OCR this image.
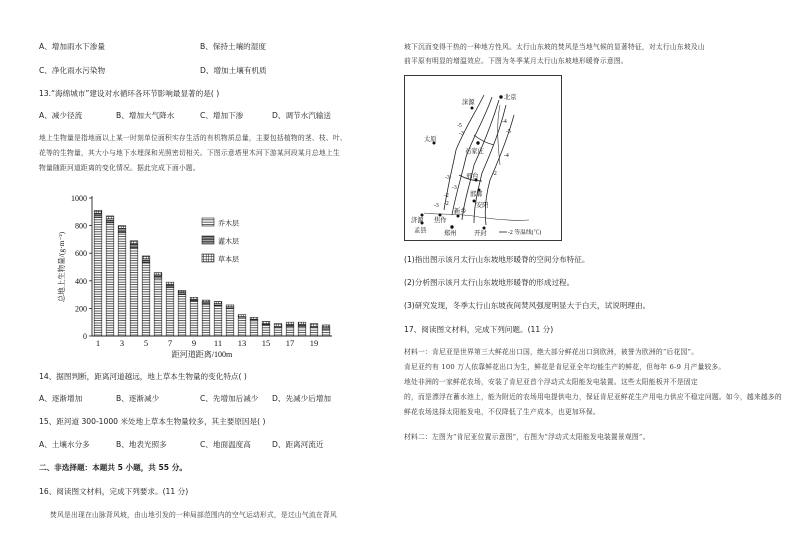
A、增加雨水下渗量	B、保持土壤的湿度
C、净化雨水污染物	D、增加土壤有机质
13.“海绵城市”建设对水循环各环节影响最显著的是( )
A、减少径流	B、增加大气降水	C、增加下渗	D、调节水汽输送
地上生物量是指地面以上某一时刻单位面积实存生活的有机物质总量，主要包括植物的茎、枝、叶、
花等的生物量，其大小与地下水埋深和光照密切相关。下图示意塔里木河下游某河段某月总地上生
物量随距河道距离的变化情况。据此完成下面小题。
0
200
400
600
800
1000
1 3 5 7 9 11 13 15 17 19
距河道距离/100m
总地上生物量/(g·m⁻²)
乔木层
灌木层
草本层
14、据图判断，距离河道越远，地上草本生物量的变化特点( )
A、逐渐增加	B、逐渐减少	C、先增加后减少 D、先减少后增加
15、距河道 300-1000 米处地上草本生物量较多，其主要原因是( )
A、土壤水分多	B、地表光照多	C、地面温度高	D、距离河流近
二、非选择题：本题共 5 小题，共 55 分。
16、阅读图文材料，完成下列要求。(11 分)
焚风是出现在山脉背风坡，由山地引发的一种局部范围内的空气运动形式，是过山气流在背风
坡下沉而变得干热的一种地方性风。太行山东坡的焚风是当地气候的显著特征，对太行山东坡及山
前平原有明显的增温效应。下图为冬季某月太行山东坡地形暖脊示意图。
北京
涞源
太原
石家庄
邢台
邯郸
安阳
济源 焦作
新乡
孟县	郑州	开封
-5
-3
-4
-5
-4
-3
-3
-2
-2
-3
-2
-2 等温线(℃)
(1)指出图示该月太行山东坡地形暖脊的空间分布特征。
(2)分析图示该月太行山东坡地形暖脊的形成过程。
(3)研究发现，冬季太行山东坡夜间焚风强度明显大于白天，试说明理由。
17、阅读图文材料，完成下列问题。(11 分)
材料一：肯尼亚是世界第三大鲜花出口国，绝大部分鲜花出口到欧洲，被誉为欧洲的“后花园”。
肯尼亚约有 100 万人依靠鲜花出口为生，鲜花是肯尼亚全年均能生产的鲜花，但每年 6-9 月产量较多。
地处非洲的一家鲜花农场，安装了肯尼亚首个浮动式太阳能发电装置。这些太阳能板并不是固定
的，而是漂浮在蓄水池上，能为附近的农场用电提供电力，保证肯尼亚鲜花生产用电力供应不稳定问题。如今，越来越多的
鲜花农场选择太阳能发电，不仅降低了生产成本，也更加环保。
材料二：左图为“肯尼亚位置示意图”，右图为“浮动式太阳能发电装置景观图”。
